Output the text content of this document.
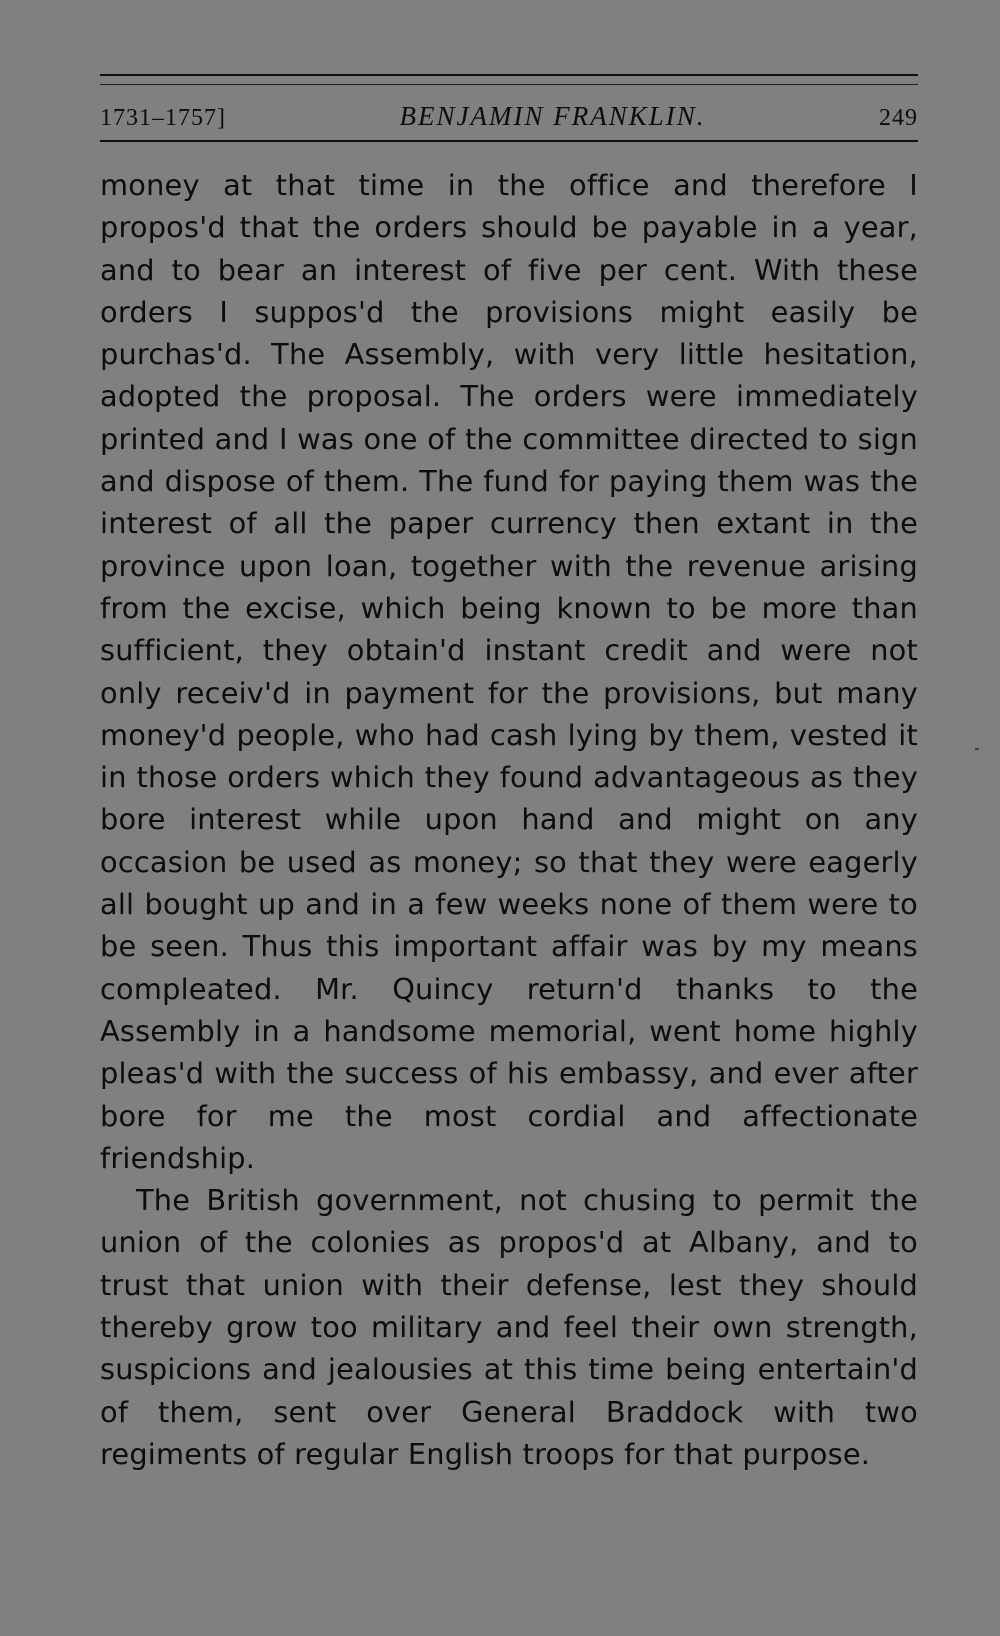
1731–1757]	BENJAMIN FRANKLIN.	249

money at that time in the office and therefore I propos'd that the orders should be payable in a year, and to bear an interest of five per cent. With these orders I suppos'd the provisions might easily be purchas'd. The Assembly, with very little hesitation, adopted the proposal. The orders were immediately printed and I was one of the committee directed to sign and dispose of them. The fund for paying them was the interest of all the paper currency then extant in the province upon loan, together with the revenue arising from the excise, which being known to be more than sufficient, they obtain'd instant credit and were not only receiv'd in payment for the provisions, but many money'd people, who had cash lying by them, vested it in those orders which they found advantageous as they bore interest while upon hand and might on any occasion be used as money; so that they were eagerly all bought up and in a few weeks none of them were to be seen. Thus this important affair was by my means compleated. Mr. Quincy return'd thanks to the Assembly in a handsome memorial, went home highly pleas'd with the success of his embassy, and ever after bore for me the most cordial and affectionate friendship.

The British government, not chusing to permit the union of the colonies as propos'd at Albany, and to trust that union with their defense, lest they should thereby grow too military and feel their own strength, suspicions and jealousies at this time being entertain'd of them, sent over General Braddock with two regiments of regular English troops for that purpose.
